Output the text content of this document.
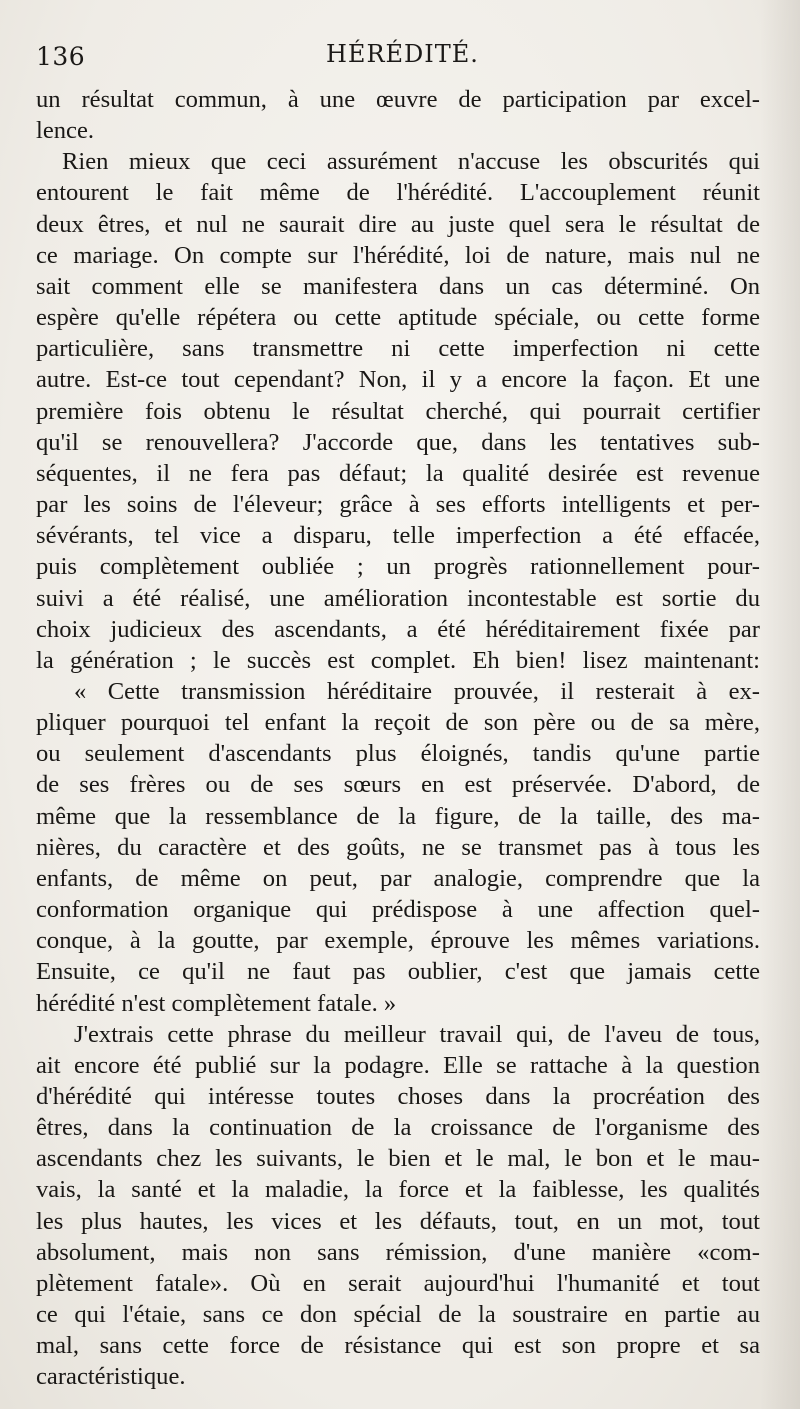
136	HÉRÉDITÉ.
un résultat commun, à une œuvre de participation par excel-
lence.
Rien mieux que ceci assurément n'accuse les obscurités qui
entourent le fait même de l'hérédité. L'accouplement réunit
deux êtres, et nul ne saurait dire au juste quel sera le résultat de
ce mariage. On compte sur l'hérédité, loi de nature, mais nul ne
sait comment elle se manifestera dans un cas déterminé. On
espère qu'elle répétera ou cette aptitude spéciale, ou cette forme
particulière, sans transmettre ni cette imperfection ni cette
autre. Est-ce tout cependant? Non, il y a encore la façon. Et une
première fois obtenu le résultat cherché, qui pourrait certifier
qu'il se renouvellera? J'accorde que, dans les tentatives sub-
séquentes, il ne fera pas défaut; la qualité desirée est revenue
par les soins de l'éleveur; grâce à ses efforts intelligents et per-
sévérants, tel vice a disparu, telle imperfection a été effacée,
puis complètement oubliée ; un progrès rationnellement pour-
suivi a été réalisé, une amélioration incontestable est sortie du
choix judicieux des ascendants, a été héréditairement fixée par
la génération ; le succès est complet. Eh bien! lisez maintenant:
« Cette transmission héréditaire prouvée, il resterait à ex-
pliquer pourquoi tel enfant la reçoit de son père ou de sa mère,
ou seulement d'ascendants plus éloignés, tandis qu'une partie
de ses frères ou de ses sœurs en est préservée. D'abord, de
même que la ressemblance de la figure, de la taille, des ma-
nières, du caractère et des goûts, ne se transmet pas à tous les
enfants, de même on peut, par analogie, comprendre que la
conformation organique qui prédispose à une affection quel-
conque, à la goutte, par exemple, éprouve les mêmes variations.
Ensuite, ce qu'il ne faut pas oublier, c'est que jamais cette
hérédité n'est complètement fatale. »
J'extrais cette phrase du meilleur travail qui, de l'aveu de tous,
ait encore été publié sur la podagre. Elle se rattache à la question
d'hérédité qui intéresse toutes choses dans la procréation des
êtres, dans la continuation de la croissance de l'organisme des
ascendants chez les suivants, le bien et le mal, le bon et le mau-
vais, la santé et la maladie, la force et la faiblesse, les qualités
les plus hautes, les vices et les défauts, tout, en un mot, tout
absolument, mais non sans rémission, d'une manière «com-
plètement fatale». Où en serait aujourd'hui l'humanité et tout
ce qui l'étaie, sans ce don spécial de la soustraire en partie au
mal, sans cette force de résistance qui est son propre et sa
caractéristique.
